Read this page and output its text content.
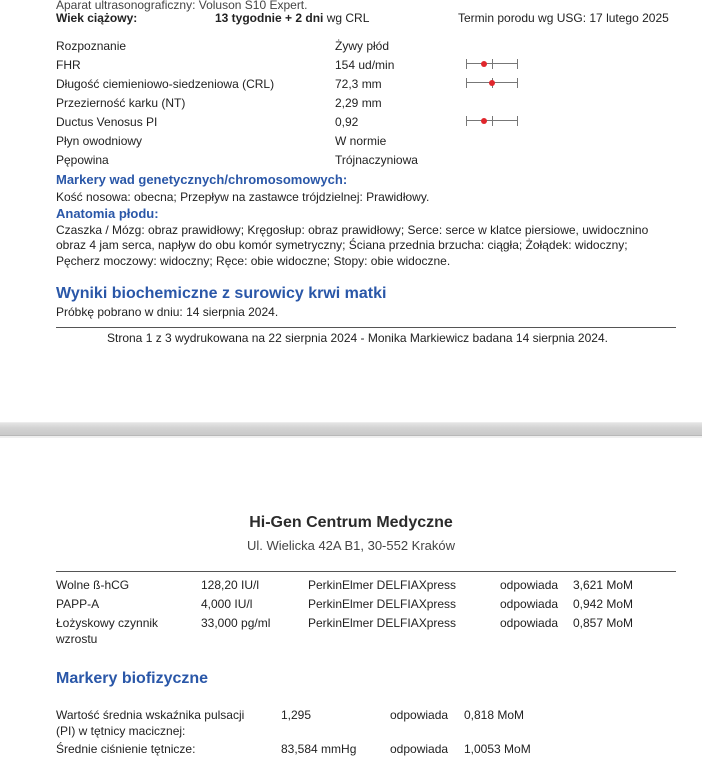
Aparat ultrasonograficzny: Voluson S10 Expert.
Wiek ciążowy:	13 tygodnie + 2 dni wg CRL	Termin porodu wg USG: 17 lutego 2025
Rozpoznanie	Żywy płód
FHR	154 ud/min
Długość ciemieniowo-siedzeniowa (CRL)	72,3 mm
Przezierność karku (NT)	2,29 mm
Ductus Venosus PI	0,92
Płyn owodniowy	W normie
Pępowina	Trójnaczyniowa
Markery wad genetycznych/chromosomowych:
Kość nosowa: obecna; Przepływ na zastawce trójdzielnej: Prawidłowy.
Anatomia płodu:
Czaszka / Mózg: obraz prawidłowy; Kręgosłup: obraz prawidłowy; Serce: serce w klatce piersiowe, uwidocznino
obraz 4 jam serca, napływ do obu komór symetryczny; Ściana przednia brzucha: ciągła; Żołądek: widoczny;
Pęcherz moczowy: widoczny; Ręce: obie widoczne; Stopy: obie widoczne.
Wyniki biochemiczne z surowicy krwi matki
Próbkę pobrano w dniu: 14 sierpnia 2024.
Strona 1 z 3 wydrukowana na 22 sierpnia 2024 - Monika Markiewicz badana 14 sierpnia 2024.
Hi-Gen Centrum Medyczne
Ul. Wielicka 42A B1, 30-552 Kraków
Wolne ß-hCG	128,20 IU/l	PerkinElmer DELFIAXpress	odpowiada 3,621 MoM
PAPP-A	4,000 IU/l	PerkinElmer DELFIAXpress	odpowiada 0,942 MoM
Łożyskowy czynnik
wzrostu
33,000 pg/ml	PerkinElmer DELFIAXpress	odpowiada 0,857 MoM
Markery biofizyczne
Wartość średnia wskaźnika pulsacji
(PI) w tętnicy macicznej:
1,295	odpowiada 0,818 MoM
Średnie ciśnienie tętnicze:	83,584 mmHg	odpowiada 1,0053 MoM
